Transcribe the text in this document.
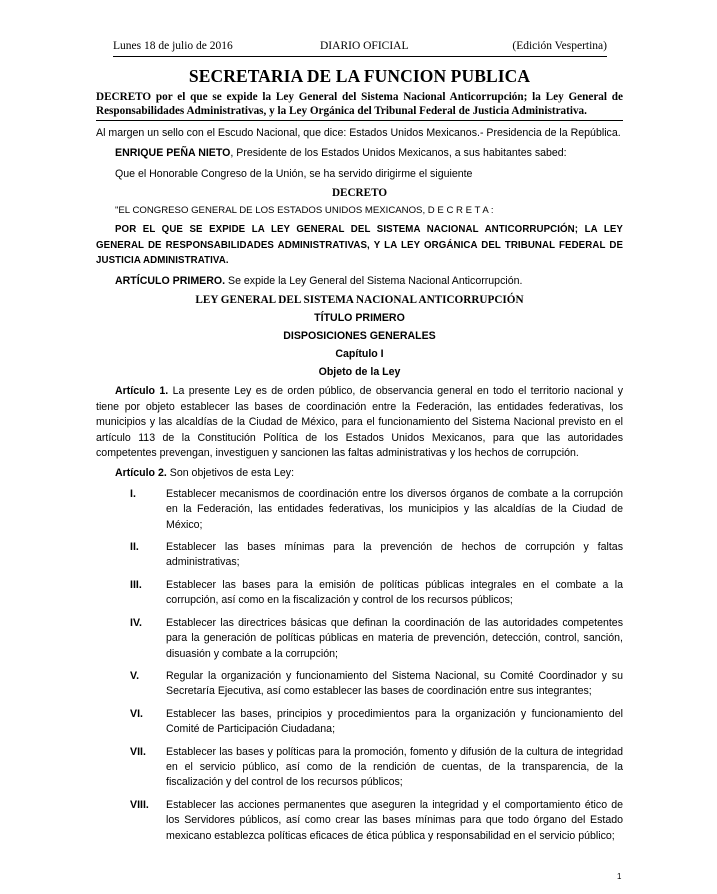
Lunes 18 de julio de 2016	DIARIO OFICIAL	(Edición Vespertina)
SECRETARIA DE LA FUNCION PUBLICA

DECRETO por el que se expide la Ley General del Sistema Nacional Anticorrupción; la Ley General de Responsabilidades Administrativas, y la Ley Orgánica del Tribunal Federal de Justicia Administrativa.

Al margen un sello con el Escudo Nacional, que dice: Estados Unidos Mexicanos.- Presidencia de la República.

ENRIQUE PEÑA NIETO, Presidente de los Estados Unidos Mexicanos, a sus habitantes sabed:

Que el Honorable Congreso de la Unión, se ha servido dirigirme el siguiente

DECRETO

"EL CONGRESO GENERAL DE LOS ESTADOS UNIDOS MEXICANOS, D E C R E T A :

POR EL QUE SE EXPIDE LA LEY GENERAL DEL SISTEMA NACIONAL ANTICORRUPCIÓN; LA LEY GENERAL DE RESPONSABILIDADES ADMINISTRATIVAS, Y LA LEY ORGÁNICA DEL TRIBUNAL FEDERAL DE JUSTICIA ADMINISTRATIVA.

ARTÍCULO PRIMERO. Se expide la Ley General del Sistema Nacional Anticorrupción.

LEY GENERAL DEL SISTEMA NACIONAL ANTICORRUPCIÓN
TÍTULO PRIMERO
DISPOSICIONES GENERALES
Capítulo I
Objeto de la Ley

Artículo 1. La presente Ley es de orden público, de observancia general en todo el territorio nacional y tiene por objeto establecer las bases de coordinación entre la Federación, las entidades federativas, los municipios y las alcaldías de la Ciudad de México, para el funcionamiento del Sistema Nacional previsto en el artículo 113 de la Constitución Política de los Estados Unidos Mexicanos, para que las autoridades competentes prevengan, investiguen y sancionen las faltas administrativas y los hechos de corrupción.

Artículo 2. Son objetivos de esta Ley:

I.	Establecer mecanismos de coordinación entre los diversos órganos de combate a la corrupción en la Federación, las entidades federativas, los municipios y las alcaldías de la Ciudad de México;
II.	Establecer las bases mínimas para la prevención de hechos de corrupción y faltas administrativas;
III.	Establecer las bases para la emisión de políticas públicas integrales en el combate a la corrupción, así como en la fiscalización y control de los recursos públicos;
IV.	Establecer las directrices básicas que definan la coordinación de las autoridades competentes para la generación de políticas públicas en materia de prevención, detección, control, sanción, disuasión y combate a la corrupción;
V.	Regular la organización y funcionamiento del Sistema Nacional, su Comité Coordinador y su Secretaría Ejecutiva, así como establecer las bases de coordinación entre sus integrantes;
VI.	Establecer las bases, principios y procedimientos para la organización y funcionamiento del Comité de Participación Ciudadana;
VII.	Establecer las bases y políticas para la promoción, fomento y difusión de la cultura de integridad en el servicio público, así como de la rendición de cuentas, de la transparencia, de la fiscalización y del control de los recursos públicos;
VIII.	Establecer las acciones permanentes que aseguren la integridad y el comportamiento ético de los Servidores públicos, así como crear las bases mínimas para que todo órgano del Estado mexicano establezca políticas eficaces de ética pública y responsabilidad en el servicio público;
1
